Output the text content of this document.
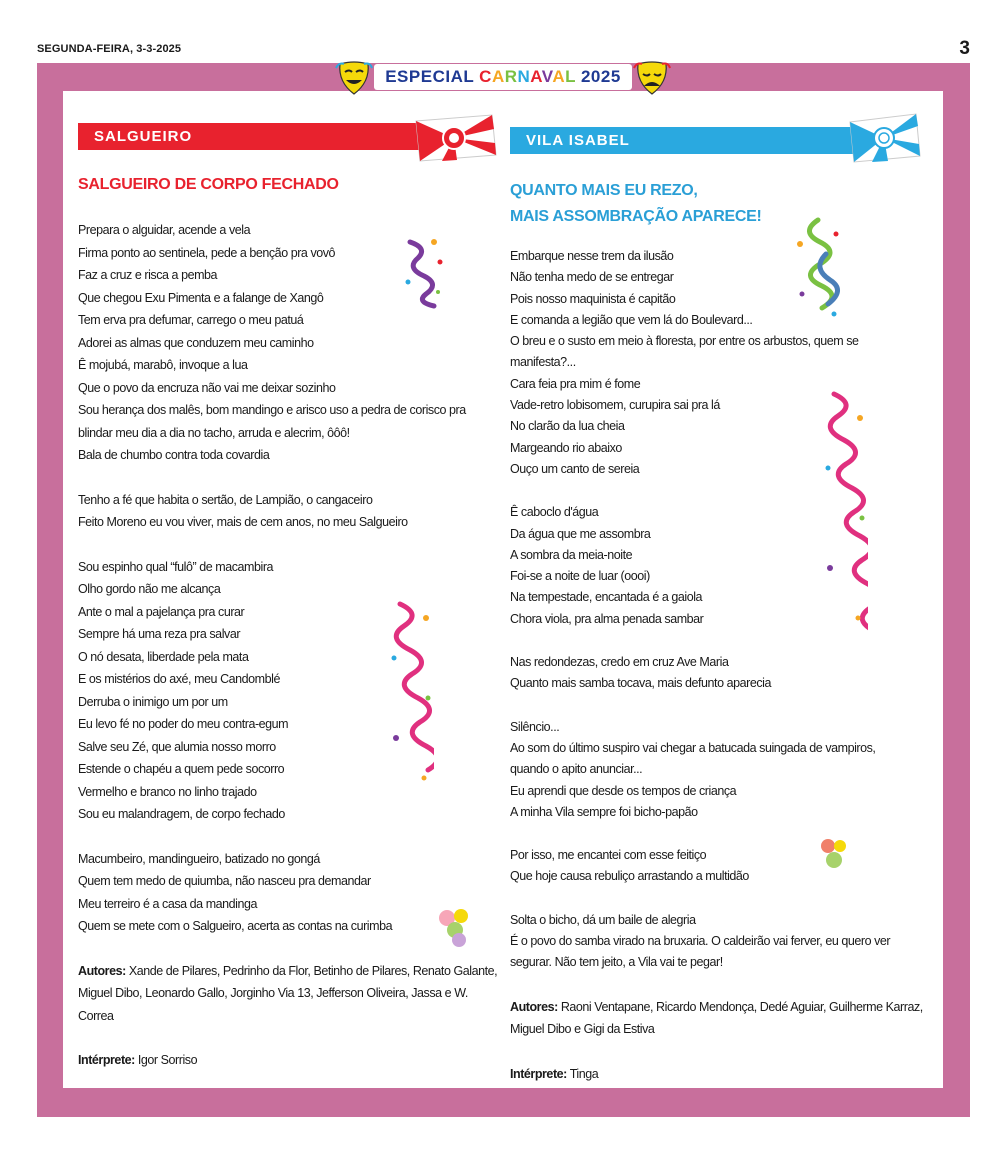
SEGUNDA-FEIRA, 3-3-2025	3
ESPECIAL CARNAVAL 2025
SALGUEIRO
SALGUEIRO DE CORPO FECHADO
Prepara o alguidar, acende a vela
Firma ponto ao sentinela, pede a benção pra vovô
Faz a cruz e risca a pemba
Que chegou Exu Pimenta e a falange de Xangô
Tem erva pra defumar, carrego o meu patuá
Adorei as almas que conduzem meu caminho
Ê mojubá, marabô, invoque a lua
Que o povo da encruza não vai me deixar sozinho
Sou herança dos malês, bom mandingo e arisco uso a pedra de corisco pra
blindar meu dia a dia no tacho, arruda e alecrim, ôôô!
Bala de chumbo contra toda covardia
Tenho a fé que habita o sertão, de Lampião, o cangaceiro
Feito Moreno eu vou viver, mais de cem anos, no meu Salgueiro
Sou espinho qual “fulô” de macambira
Olho gordo não me alcança
Ante o mal a pajelança pra curar
Sempre há uma reza pra salvar
O nó desata, liberdade pela mata
E os mistérios do axé, meu Candomblé
Derruba o inimigo um por um
Eu levo fé no poder do meu contra-egum
Salve seu Zé, que alumia nosso morro
Estende o chapéu a quem pede socorro
Vermelho e branco no linho trajado
Sou eu malandragem, de corpo fechado
Macumbeiro, mandingueiro, batizado no gongá
Quem tem medo de quiumba, não nasceu pra demandar
Meu terreiro é a casa da mandinga
Quem se mete com o Salgueiro, acerta as contas na curimba
Autores: Xande de Pilares, Pedrinho da Flor, Betinho de Pilares, Renato Galante, Miguel Dibo, Leonardo Gallo, Jorginho Via 13, Jefferson Oliveira, Jassa e W. Correa
Intérprete: Igor Sorriso
VILA ISABEL
QUANTO MAIS EU REZO,
MAIS ASSOMBRAÇÃO APARECE!
Embarque nesse trem da ilusão
Não tenha medo de se entregar
Pois nosso maquinista é capitão
E comanda a legião que vem lá do Boulevard...
O breu e o susto em meio à floresta, por entre os arbustos, quem se
manifesta?...
Cara feia pra mim é fome
Vade-retro lobisomem, curupira sai pra lá
No clarão da lua cheia
Margeando rio abaixo
Ouço um canto de sereia
Ê caboclo d'água
Da água que me assombra
A sombra da meia-noite
Foi-se a noite de luar (oooi)
Na tempestade, encantada é a gaiola
Chora viola, pra alma penada sambar
Nas redondezas, credo em cruz Ave Maria
Quanto mais samba tocava, mais defunto aparecia
Silêncio...
Ao som do último suspiro vai chegar a batucada suingada de vampiros,
quando o apito anunciar...
Eu aprendi que desde os tempos de criança
A minha Vila sempre foi bicho-papão
Por isso, me encantei com esse feitiço
Que hoje causa rebuliço arrastando a multidão
Solta o bicho, dá um baile de alegria
É o povo do samba virado na bruxaria. O caldeirão vai ferver, eu quero ver
segurar. Não tem jeito, a Vila vai te pegar!
Autores: Raoni Ventapane, Ricardo Mendonça, Dedé Aguiar, Guilherme Karraz, Miguel Dibo e Gigi da Estiva
Intérprete: Tinga
